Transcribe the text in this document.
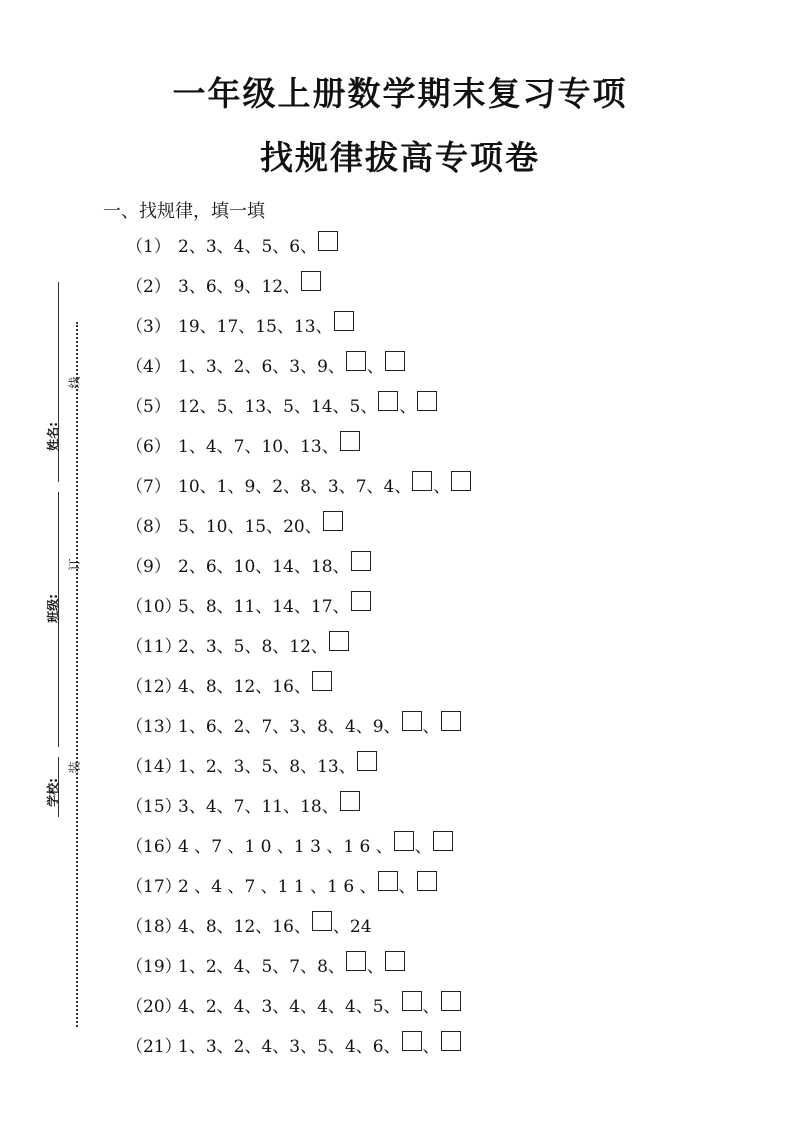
姓名:
班级:
学校:
线
订
装
一年级上册数学期末复习专项
找规律拔高专项卷
一、找规律，填一填
（1） 2、3、4、5、6、
（2） 3、6、9、12、
（3） 19、17、15、13、
（4） 1、3、2、6、3、9、 、
（5） 12、5、13、5、14、5、 、
（6） 1、4、7、10、13、
（7） 10、1、9、2、8、3、7、4、 、
（8） 5、10、15、20、
（9） 2、6、10、14、18、
（10）
5、8、11、14、17、
（11）
2、3、5、8、12、
（12）
4、8、12、16、
（13）
1、6、2、7、3、8、4、9、 、
（14）
1、2、3、5、8、13、
（15）
3、4、7、11、18、
（16）
4 、7 、1 0 、1 3 、1 6 、 、
（17）
2 、4 、7 、1 1 、1 6 、 、
（18）
4、8、12、16、 、24
（19）
1、2、4、5、7、8、 、
（20）
4、2、4、3、4、4、4、5、 、
（21）
1、3、2、4、3、5、4、6、 、
